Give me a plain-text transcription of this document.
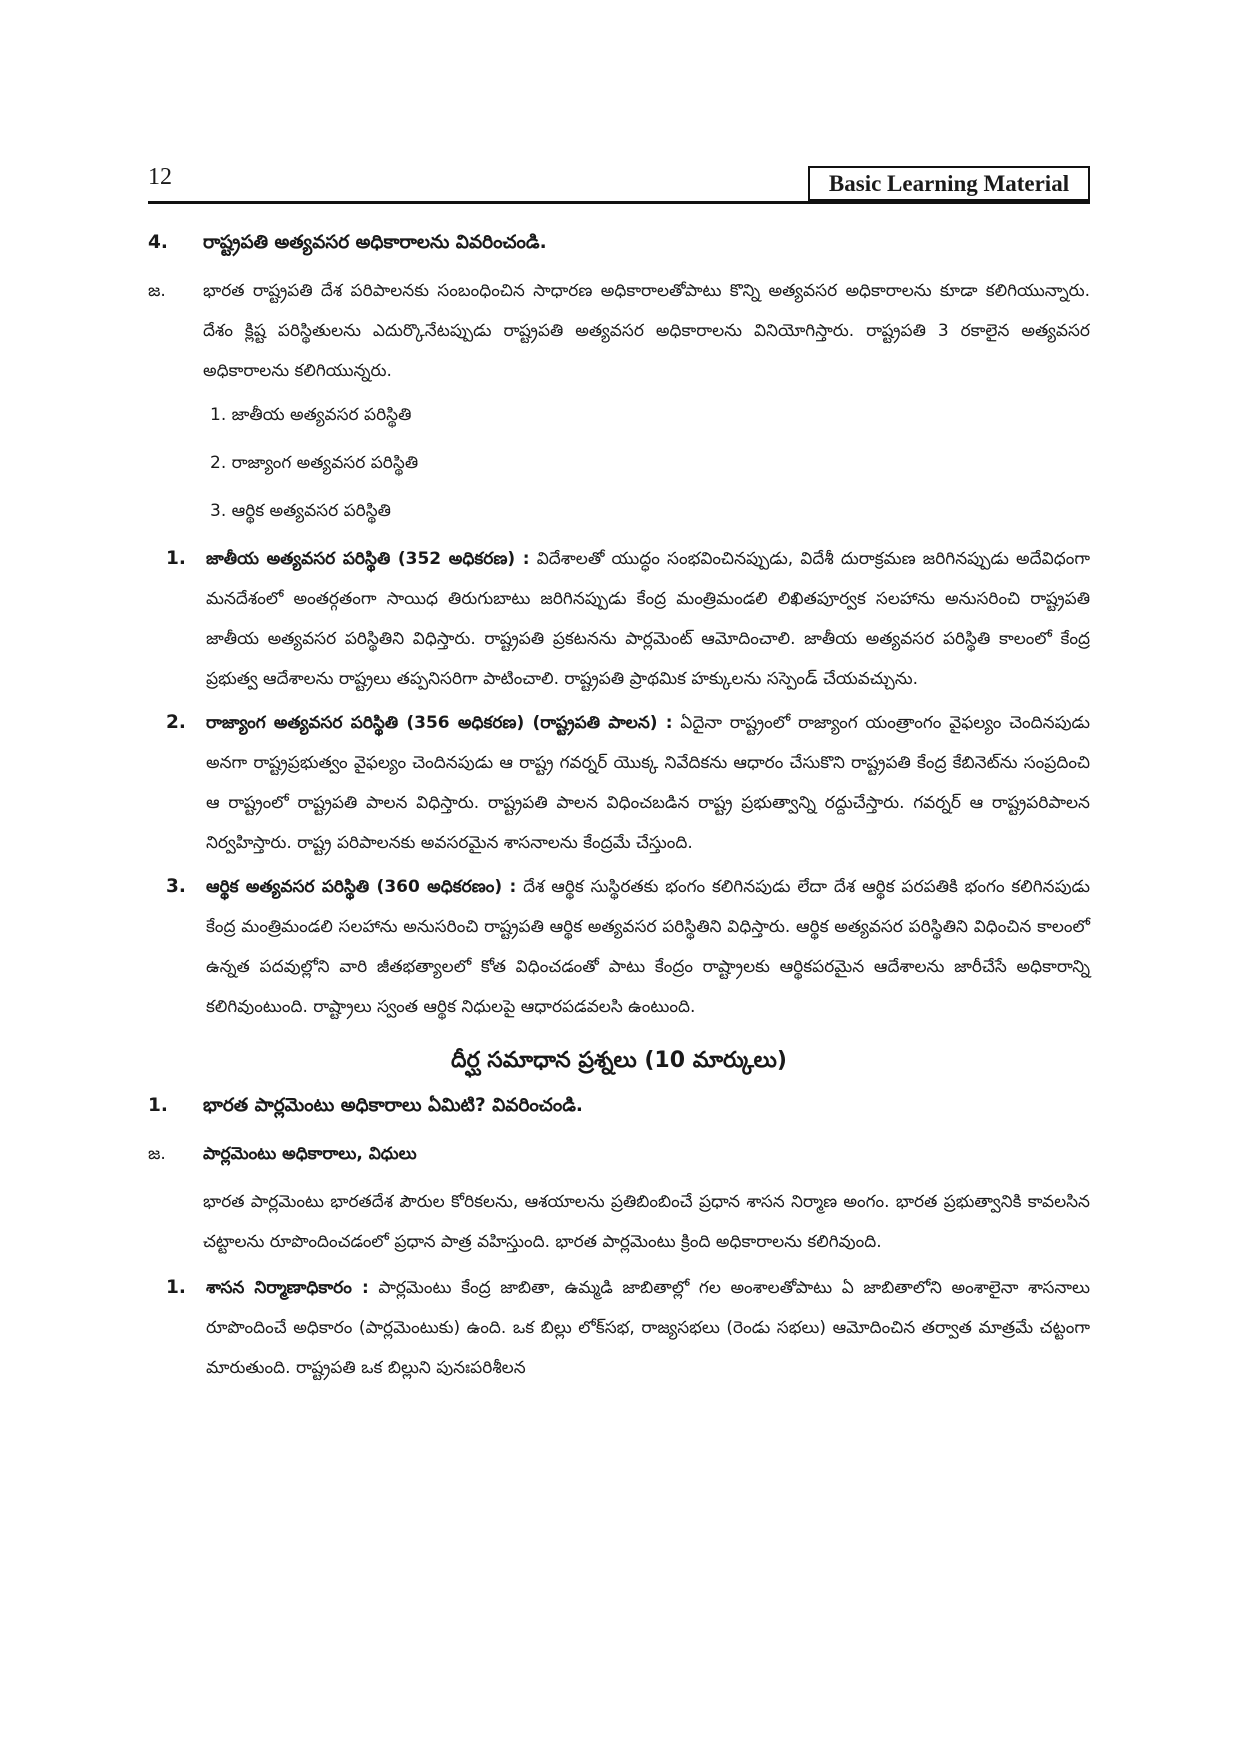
12	Basic Learning Material
4.	రాష్ట్రపతి అత్యవసర అధికారాలను వివరించండి.
జ.	భారత రాష్ట్రపతి దేశ పరిపాలనకు సంబంధించిన సాధారణ అధికారాలతోపాటు కొన్ని అత్యవసర అధికారాలను కూడా కలిగియున్నారు. దేశం క్లిష్ట పరిస్థితులను ఎదుర్కొనేటప్పుడు రాష్ట్రపతి అత్యవసర అధికారాలను వినియోగిస్తారు. రాష్ట్రపతి 3 రకాలైన అత్యవసర అధికారాలను కలిగియున్నరు.
1. జాతీయ అత్యవసర పరిస్థితి
2. రాజ్యాంగ అత్యవసర పరిస్థితి
3. ఆర్థిక అత్యవసర పరిస్థితి
1.	జాతీయ అత్యవసర పరిస్థితి (352 అధికరణ) : విదేశాలతో యుద్ధం సంభవించినప్పుడు, విదేశీ దురాక్రమణ జరిగినప్పుడు అదేవిధంగా మనదేశంలో అంతర్గతంగా సాయిధ తిరుగుబాటు జరిగినప్పుడు కేంద్ర మంత్రిమండలి లిఖితపూర్వక సలహాను అనుసరించి రాష్ట్రపతి జాతీయ అత్యవసర పరిస్థితిని విధిస్తారు. రాష్ట్రపతి ప్రకటనను పార్లమెంట్ ఆమోదించాలి. జాతీయ అత్యవసర పరిస్థితి కాలంలో కేంద్ర ప్రభుత్వ ఆదేశాలను రాష్ట్రలు తప్పనిసరిగా పాటించాలి. రాష్ట్రపతి ప్రాథమిక హక్కులను సస్పెండ్ చేయవచ్చును.
2.	రాజ్యాంగ అత్యవసర పరిస్థితి (356 అధికరణ) (రాష్ట్రపతి పాలన) : ఏదైనా రాష్ట్రంలో రాజ్యాంగ యంత్రాంగం వైఫల్యం చెందినపుడు అనగా రాష్ట్రప్రభుత్వం వైఫల్యం చెందినపుడు ఆ రాష్ట్ర గవర్నర్ యొక్క నివేదికను ఆధారం చేసుకొని రాష్ట్రపతి కేంద్ర కేబినెట్‌ను సంప్రదించి ఆ రాష్ట్రంలో రాష్ట్రపతి పాలన విధిస్తారు. రాష్ట్రపతి పాలన విధించబడిన రాష్ట్ర ప్రభుత్వాన్ని రద్దుచేస్తారు. గవర్నర్ ఆ రాష్ట్రపరిపాలన నిర్వహిస్తారు. రాష్ట్ర పరిపాలనకు అవసరమైన శాసనాలను కేంద్రమే చేస్తుంది.
3.	ఆర్థిక అత్యవసర పరిస్థితి (360 అధికరణం) : దేశ ఆర్థిక సుస్థిరతకు భంగం కలిగినపుడు లేదా దేశ ఆర్థిక పరపతికి భంగం కలిగినపుడు కేంద్ర మంత్రిమండలి సలహాను అనుసరించి రాష్ట్రపతి ఆర్థిక అత్యవసర పరిస్థితిని విధిస్తారు. ఆర్థిక అత్యవసర పరిస్థితిని విధించిన కాలంలో ఉన్నత పదవుల్లోని వారి జీతభత్యాలలో కోత విధించడంతో పాటు కేంద్రం రాష్ట్రాలకు ఆర్థికపరమైన ఆదేశాలను జారీచేసే అధికారాన్ని కలిగివుంటుంది. రాష్ట్రాలు స్వంత ఆర్థిక నిధులపై ఆధారపడవలసి ఉంటుంది.
దీర్ఘ సమాధాన ప్రశ్నలు (10 మార్కులు)
1.	భారత పార్లమెంటు అధికారాలు ఏమిటి? వివరించండి.
జ.	పార్లమెంటు అధికారాలు, విధులు
భారత పార్లమెంటు భారతదేశ పౌరుల కోరికలను, ఆశయాలను ప్రతిబింబించే ప్రధాన శాసన నిర్మాణ అంగం. భారత ప్రభుత్వానికి కావలసిన చట్టాలను రూపొందించడంలో ప్రధాన పాత్ర వహిస్తుంది. భారత పార్లమెంటు క్రింది అధికారాలను కలిగివుంది.
1.	శాసన నిర్మాణాధికారం : పార్లమెంటు కేంద్ర జాబితా, ఉమ్మడి జాబితాల్లో గల అంశాలతోపాటు ఏ జాబితాలోని అంశాలైనా శాసనాలు రూపొందించే అధికారం (పార్లమెంటుకు) ఉంది. ఒక బిల్లు లోక్‌సభ, రాజ్యసభలు (రెండు సభలు) ఆమోదించిన తర్వాత మాత్రమే చట్టంగా మారుతుంది. రాష్ట్రపతి ఒక బిల్లుని పునఃపరిశీలన
